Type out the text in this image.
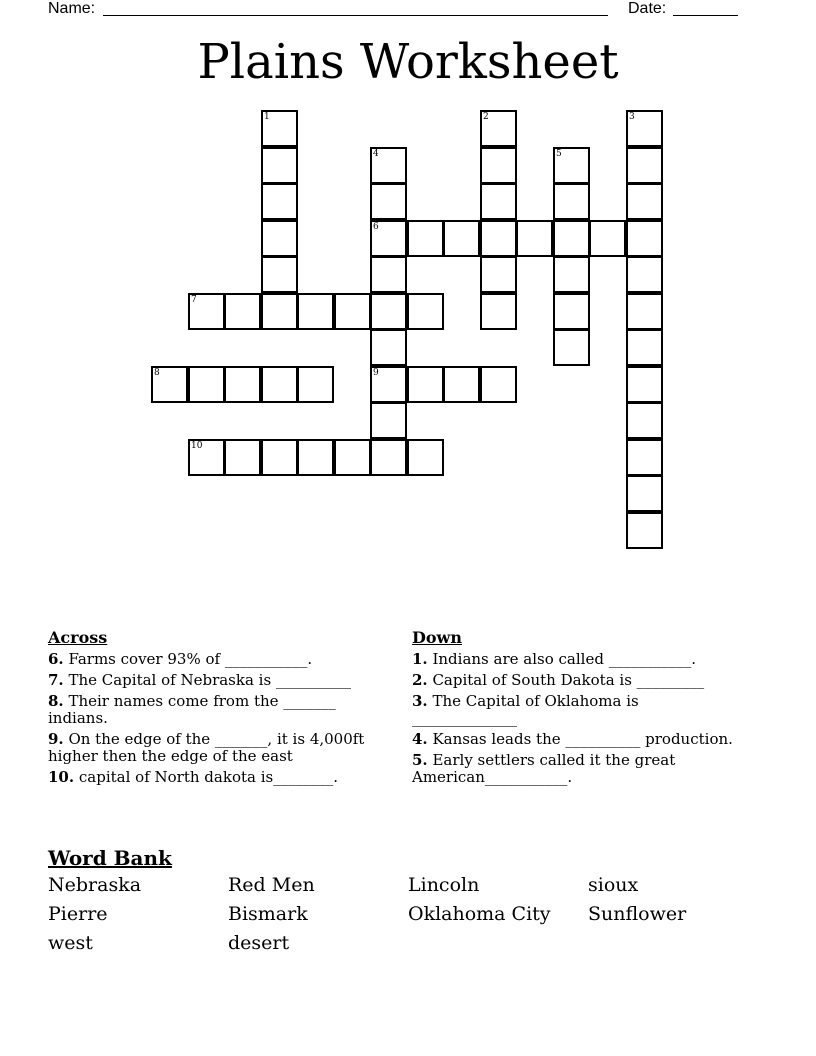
Name:	Date:
Plains Worksheet
1	2	3
4
6
9
5
7
8
10
Across
6. Farms cover 93% of ___________.
7. The Capital of Nebraska is __________
8. Their names come from the _______ indians.
9. On the edge of the _______, it is 4,000ft higher then the edge of the east
10. capital of North dakota is________.
Down
1. Indians are also called ___________.
2. Capital of South Dakota is _________
3. The Capital of Oklahoma is ______________
4. Kansas leads the __________ production.
5. Early settlers called it the great American___________.
Word Bank
Nebraska	Red Men	Lincoln	sioux
Pierre	Bismark	Oklahoma City	Sunflower
west	desert
